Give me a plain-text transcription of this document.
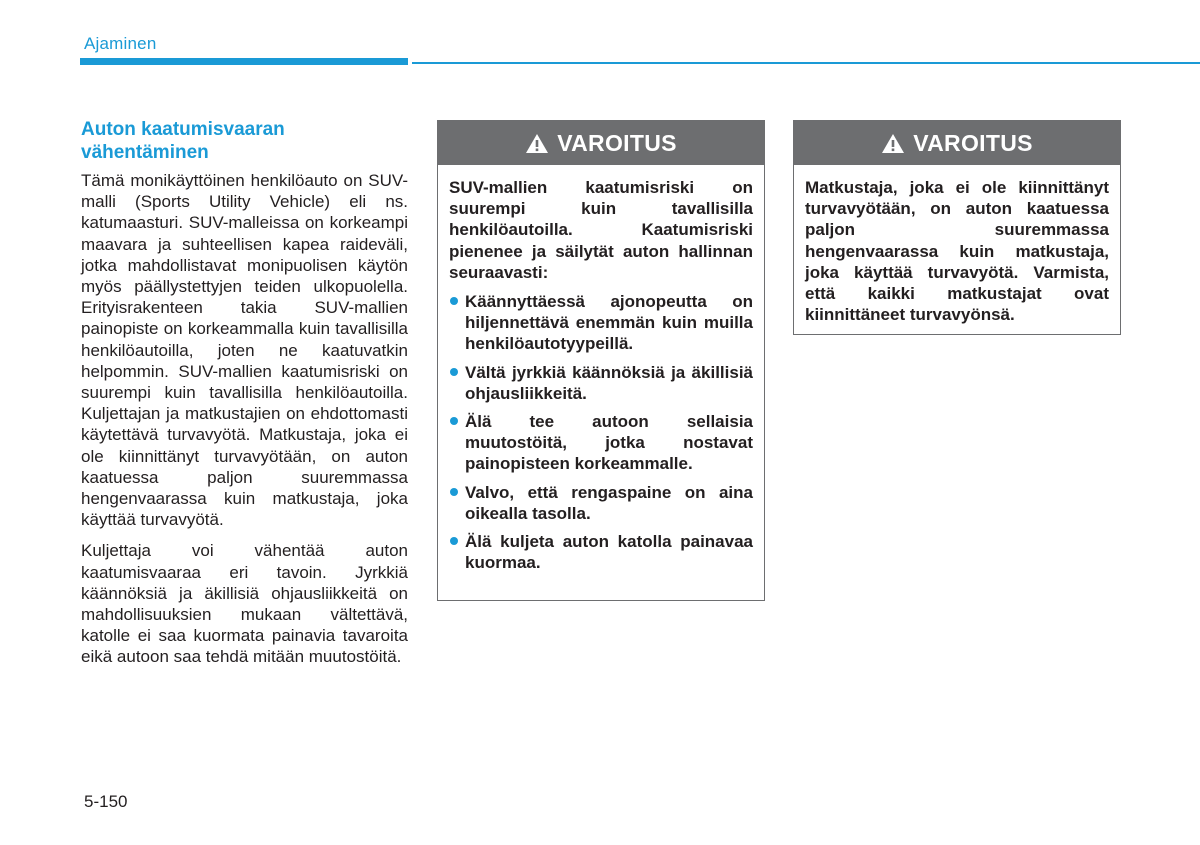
Ajaminen
Auton kaatumisvaaran vähentäminen

Tämä monikäyttöinen henkilöauto on SUV-malli (Sports Utility Vehicle) eli ns. katumaasturi. SUV-malleissa on korkeampi maavara ja suhteellisen kapea raideväli, jotka mahdollistavat monipuolisen käytön myös päällystettyjen teiden ulkopuolella. Erityisrakenteen takia SUV-mallien painopiste on korkeammalla kuin tavallisilla henkilöautoilla, joten ne kaatuvatkin helpommin. SUV-mallien kaatumisriski on suurempi kuin tavallisilla henkilöautoilla. Kuljettajan ja matkustajien on ehdottomasti käytettävä turvavyötä. Matkustaja, joka ei ole kiinnittänyt turvavyötään, on auton kaatuessa paljon suuremmassa hengenvaarassa kuin matkustaja, joka käyttää turvavyötä.

Kuljettaja voi vähentää auton kaatumisvaaraa eri tavoin. Jyrkkiä käännöksiä ja äkillisiä ohjausliikkeitä on mahdollisuuksien mukaan vältettävä, katolle ei saa kuormata painavia tavaroita eikä autoon saa tehdä mitään muutostöitä.

VAROITUS

SUV-mallien kaatumisriski on suurempi kuin tavallisilla henkilöautoilla. Kaatumisriski pienenee ja säilytät auton hallinnan seuraavasti:

Käännyttäessä ajonopeutta on hiljennettävä enemmän kuin muilla henkilöautotyypeillä.
Vältä jyrkkiä käännöksiä ja äkillisiä ohjausliikkeitä.
Älä tee autoon sellaisia muutostöitä, jotka nostavat painopisteen korkeammalle.
Valvo, että rengaspaine on aina oikealla tasolla.
Älä kuljeta auton katolla painavaa kuormaa.
VAROITUS

Matkustaja, joka ei ole kiinnittänyt turvavyötään, on auton kaatuessa paljon suuremmassa hengenvaarassa kuin matkustaja, joka käyttää turvavyötä. Varmista, että kaikki matkustajat ovat kiinnittäneet turvavyönsä.

5-150
